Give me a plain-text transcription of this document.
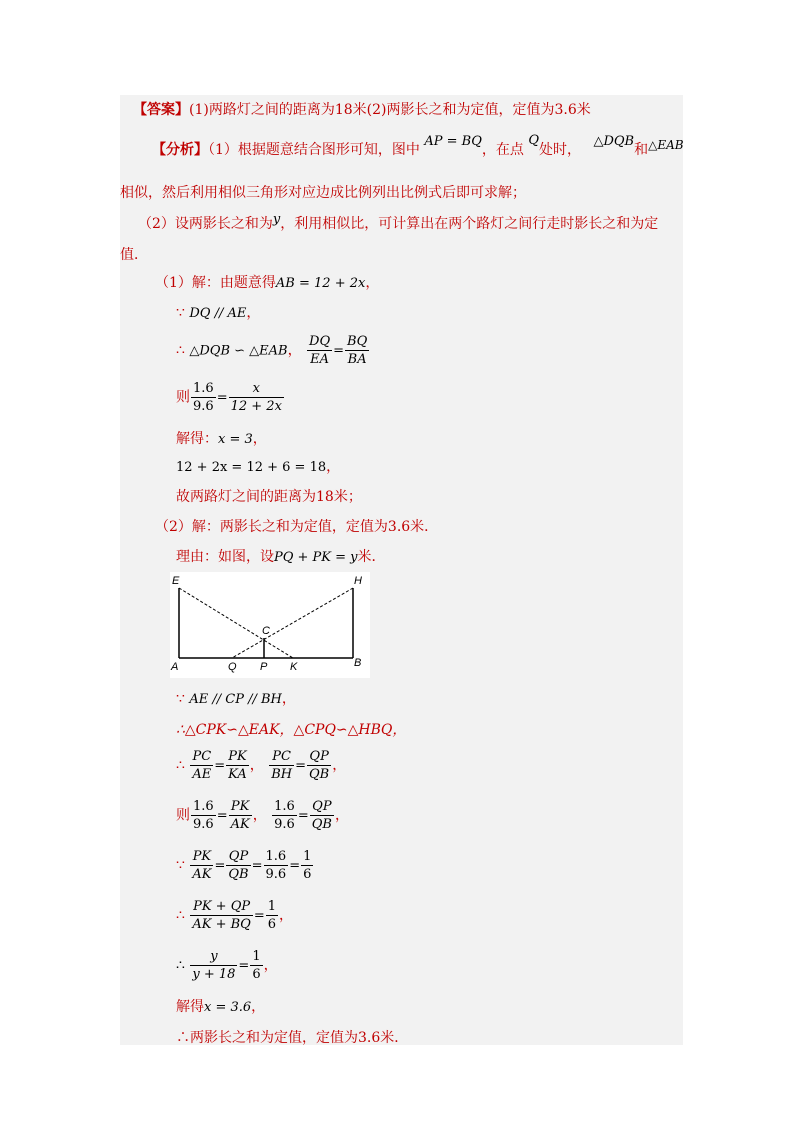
【答案】(1)两路灯之间的距离为18米(2)两影长之和为定值，定值为3.6米
【分析】（1）根据题意结合图形可知，图中 AP = BQ，在点 Q处时， △DQB和△EAB
相似，然后利用相似三角形对应边成比例列出比例式后即可求解；
（2）设两影长之和为y，利用相似比，可计算出在两个路灯之间行走时影长之和为定
值．
（1）解：由题意得AB = 12 + 2x，
∵ DQ // AE，
∴ △DQB ∽ △EAB， $\frac{DQ}{EA} = \frac{BQ}{BA}$
则 $\frac{1.6}{9.6} = \frac{x}{12 + 2x}$
解得：x = 3，
12 + 2x = 12 + 6 = 18，
故两路灯之间的距离为18米；
（2）解：两影长之和为定值，定值为3.6米．
理由：如图，设PQ + PK = y米．
E	H
C
A	Q P K	B
∵ AE // CP // BH，
∴△CPK∽△EAK，△CPQ∽△HBQ，
∴ $\frac{PC}{AE} = \frac{PK}{KA}$ ， $\frac{PC}{BH} = \frac{QP}{QB}$ ，
则 $\frac{1.6}{9.6} = \frac{PK}{AK}$ ， $\frac{1.6}{9.6} = \frac{QP}{QB}$ ，
∵ $\frac{PK}{AK} = \frac{QP}{QB} = \frac{1.6}{9.6} = \frac{1}{6}$
∴ $\frac{PK + QP}{AK + BQ} = \frac{1}{6}$ ，
∴ $\frac{y}{y + 18} = \frac{1}{6}$ ，
解得x = 3.6，
∴两影长之和为定值，定值为3.6米．
